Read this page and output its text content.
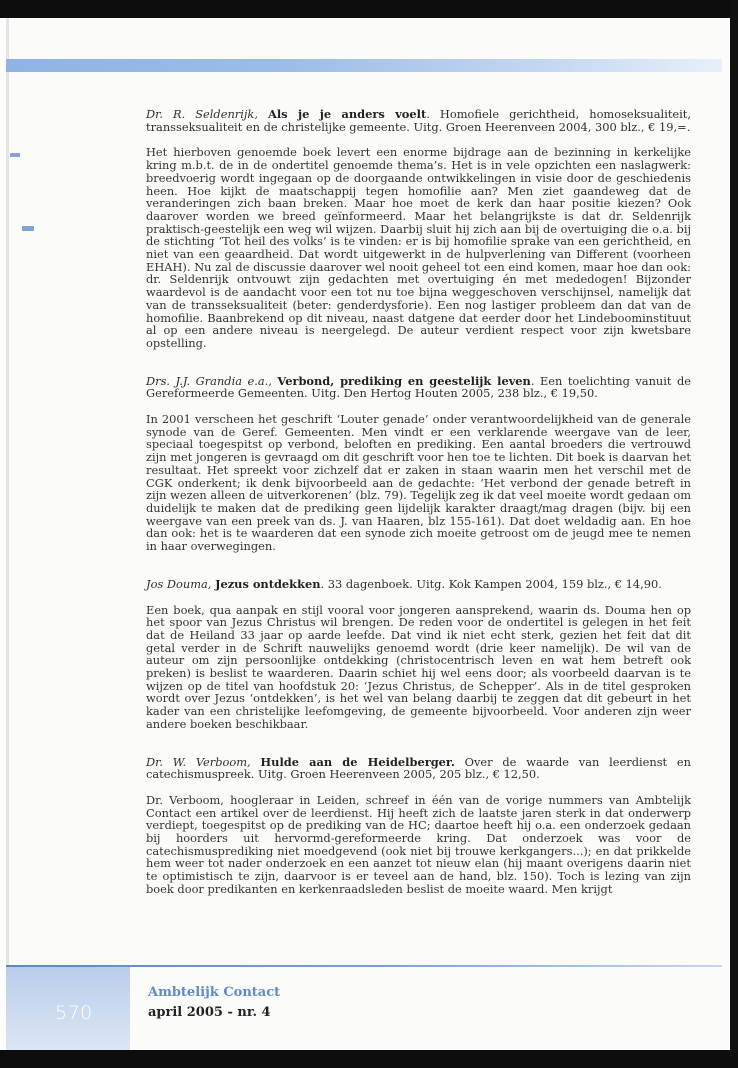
Dr. R. Seldenrijk, Als je je anders voelt. Homofiele gerichtheid, homoseksualiteit, transseksualiteit en de christelijke gemeente. Uitg. Groen Heerenveen 2004, 300 blz., € 19,=.

Het hierboven genoemde boek levert een enorme bijdrage aan de bezinning in kerkelijke kring m.b.t. de in de ondertitel genoemde thema’s. Het is in vele opzichten een naslagwerk: breedvoerig wordt ingegaan op de doorgaande ontwikkelingen in visie door de geschiedenis heen. Hoe kijkt de maatschappij tegen homofilie aan? Men ziet gaandeweg dat de veranderingen zich baan breken. Maar hoe moet de kerk dan haar positie kiezen? Ook daarover worden we breed geïnformeerd. Maar het belangrijkste is dat dr. Seldenrijk praktisch-geestelijk een weg wil wijzen. Daarbij sluit hij zich aan bij de overtuiging die o.a. bij de stichting ‘Tot heil des volks’ is te vinden: er is bij homofilie sprake van een gerichtheid, en niet van een geaardheid. Dat wordt uitgewerkt in de hulpverlening van Different (voorheen EHAH). Nu zal de discussie daarover wel nooit geheel tot een eind komen, maar hoe dan ook: dr. Seldenrijk ontvouwt zijn gedachten met overtuiging én met mededogen! Bijzonder waardevol is de aandacht voor een tot nu toe bijna weggeschoven verschijnsel, namelijk dat van de transseksualiteit (beter: genderdysforie). Een nog lastiger probleem dan dat van de homofilie. Baanbrekend op dit niveau, naast datgene dat eerder door het Lindeboominstituut al op een andere niveau is neergelegd. De auteur verdient respect voor zijn kwetsbare opstelling.

Drs. J.J. Grandia e.a., Verbond, prediking en geestelijk leven. Een toelichting vanuit de Gereformeerde Gemeenten. Uitg. Den Hertog Houten 2005, 238 blz., € 19,50.

In 2001 verscheen het geschrift ‘Louter genade’ onder verantwoordelijkheid van de generale synode van de Geref. Gemeenten. Men vindt er een verklarende weergave van de leer, speciaal toegespitst op verbond, beloften en prediking. Een aantal broeders die vertrouwd zijn met jongeren is gevraagd om dit geschrift voor hen toe te lichten. Dit boek is daarvan het resultaat. Het spreekt voor zichzelf dat er zaken in staan waarin men het verschil met de CGK onderkent; ik denk bijvoorbeeld aan de gedachte: ‘Het verbond der genade betreft in zijn wezen alleen de uitverkorenen’ (blz. 79). Tegelijk zeg ik dat veel moeite wordt gedaan om duidelijk te maken dat de prediking geen lijdelijk karakter draagt/mag dragen (bijv. bij een weergave van een preek van ds. J. van Haaren, blz 155-161). Dat doet weldadig aan. En hoe dan ook: het is te waarderen dat een synode zich moeite getroost om de jeugd mee te nemen in haar overwegingen.

Jos Douma, Jezus ontdekken. 33 dagenboek. Uitg. Kok Kampen 2004, 159 blz., € 14,90.

Een boek, qua aanpak en stijl vooral voor jongeren aansprekend, waarin ds. Douma hen op het spoor van Jezus Christus wil brengen. De reden voor de ondertitel is gelegen in het feit dat de Heiland 33 jaar op aarde leefde. Dat vind ik niet echt sterk, gezien het feit dat dit getal verder in de Schrift nauwelijks genoemd wordt (drie keer namelijk). De wil van de auteur om zijn persoonlijke ontdekking (christocentrisch leven en wat hem betreft ook preken) is beslist te waarderen. Daarin schiet hij wel eens door; als voorbeeld daarvan is te wijzen op de titel van hoofdstuk 20: ‘Jezus Christus, de Schepper’. Als in de titel gesproken wordt over Jezus ‘ontdekken’, is het wel van belang daarbij te zeggen dat dit gebeurt in het kader van een christelijke leefomgeving, de gemeente bijvoorbeeld. Voor anderen zijn weer andere boeken beschikbaar.

Dr. W. Verboom, Hulde aan de Heidelberger. Over de waarde van leerdienst en catechismuspreek. Uitg. Groen Heerenveen 2005, 205 blz., € 12,50.

Dr. Verboom, hoogleraar in Leiden, schreef in één van de vorige nummers van Ambtelijk Contact een artikel over de leerdienst. Hij heeft zich de laatste jaren sterk in dat onderwerp verdiept, toegespitst op de prediking van de HC; daartoe heeft hij o.a. een onderzoek gedaan bij hoorders uit hervormd-gereformeerde kring. Dat onderzoek was voor de catechismusprediking niet moedgevend (ook niet bij trouwe kerkgangers...); en dat prikkelde hem weer tot nader onderzoek en een aanzet tot nieuw elan (hij maant overigens daarin niet te optimistisch te zijn, daarvoor is er teveel aan de hand, blz. 150). Toch is lezing van zijn boek door predikanten en kerkenraadsleden beslist de moeite waard. Men krijgt

570
Ambtelijk Contact
april 2005 - nr. 4
